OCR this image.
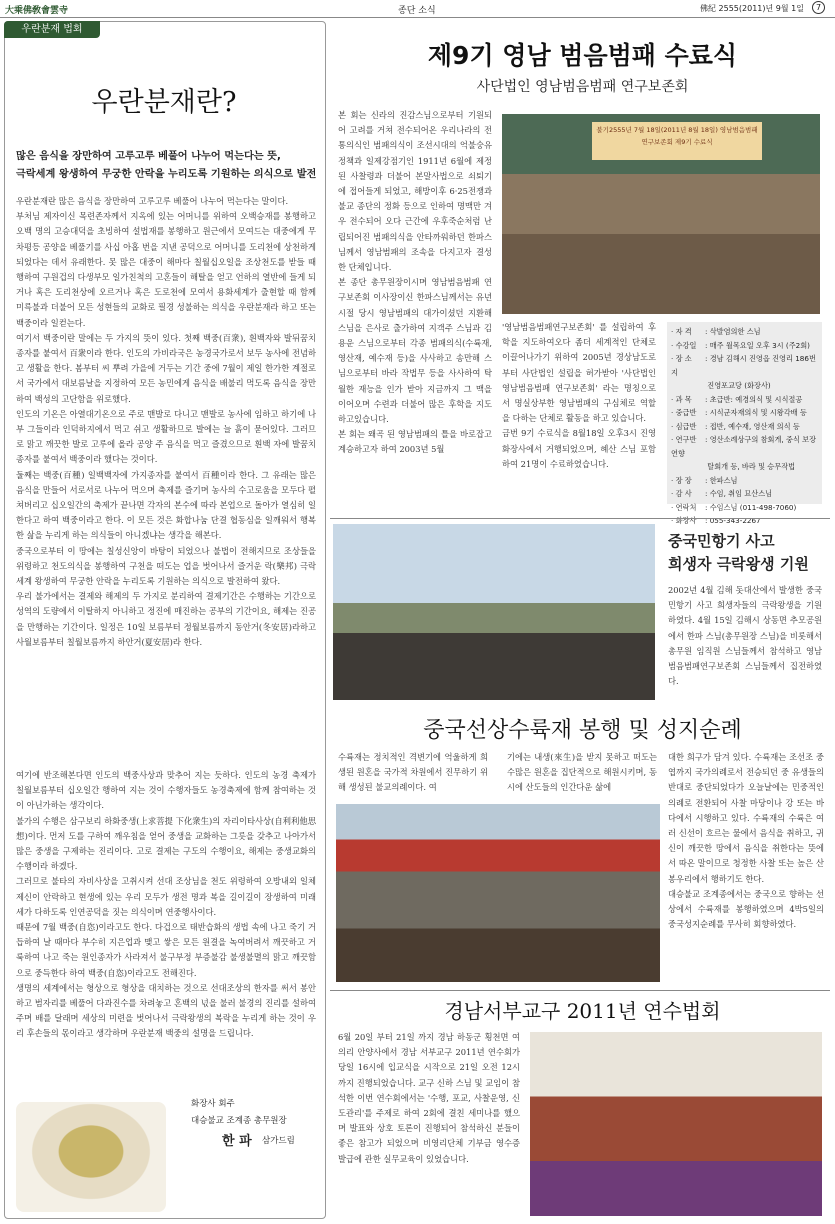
大乘佛敎會雲寺	종단 소식	佛紀 2555(2011)년 9월 1일	7
우란분재 법회
우란분재란?
많은 음식을 장만하여 고루고루 베풀어 나누어 먹는다는 뜻,
극락세계 왕생하여 무궁한 안락을 누리도록 기원하는 의식으로 발전

우란분재란 많은 음식을 장만하여 고루고루 베풀어 나누어 먹는다는 말이다.
부처님 제자이신 목련존자께서 지옥에 있는 어머니를 위하여 오백승재를 봉행하고 오백 명의 고승대덕을 초빙하여 설법재를 봉행하고 원근에서 모여드는 대중에게 무차평등 공양을 베풀기를 사십 아홉 번을 지낸 공덕으로 어머니를 도리천에 상천하게 되었다는 데서 유래한다. 못 많은 대중이 해마다 칠월십오일을 조상천도를 받들 때 행하여 구원겁의 다생부모 일가친척의 고혼들이 해탈을 얻고 언하의 열반에 들게 되거나 혹은 도리천상에 오르거나 혹은 도로천에 모여서 용화세계가 출현할 때 함께 미륵불과 더불어 모든 성현들의 교화로 필경 성불하는 의식을 우란분재라 하고 또는 백중이라 일컫는다.
여기서 백중이란 말에는 두 가지의 뜻이 있다. 첫째 백중(百衆), 흰백자와 발뒤꿈치종자를 붙여서 百衆이라 한다. 인도의 가비라국은 농경국가로서 보두 농사에 전념하고 생활을 한다. 봄부터 씨 뿌려 가을에 거두는 기간 중에 7월이 제일 한가한 계절로서 국가에서 대보름날을 지정하여 모든 농민에게 음식을 배불리 먹도록 음식을 장만하여 백성의 고단함을 위로했다.
인도의 기온은 아열대기온으로 주로 맨발로 다니고 맨발로 농사에 임하고 하기에 나부 그들이라 인덕하지에서 먹고 쉬고 생활하므로 발에는 늘 흙이 묻어있다. 그러므로 맑고 깨끗한 발로 고루에 올라 공양 주 음식을 먹고 즐겼으므로 흰백 자에 발꿈치종자를 붙여서 백중이라 했다는 것이다.
둘째는 백중(百種) 일백백자에 가지종자를 붙여서 百種이라 한다. 그 유래는 많은 음식을 만들어 서로서로 나누어 먹으며 축제를 즐기며 농사의 수고로움을 모두다 펼쳐버리고 십오일간의 축제가 끝나면 각자의 본수에 따라 본업으로 돌아가 열심히 일한다고 하여 백중이라고 한다. 이 모든 것은 화합나눔 단결 협동심을 일깨워서 행복한 삶을 누리게 하는 의식들이 아니겠냐는 생각을 해본다.
중국으로부터 이 땅에는 칠성신앙이 바탕이 되었으나 불법이 전해지므로 조상들을 위령하고 천도의식을 봉행하여 구천을 떠도는 업을 벗어나서 즐거운 락(樂邦) 극락세계 왕생하여 무궁한 안락을 누리도록 기원하는 의식으로 발전하여 왔다.
우리 불가에서는 결제와 해제의 두 가지로 분리하여 결제기간은 수행하는 기간으로 성역의 도량에서 이탈하지 아니하고 정진에 매진하는 공부의 기간이요, 해제는 진공을 만행하는 기간이다. 일정은 10일 보름부터 정월보름까지 동안거(冬安居)라하고 사월보름부터 칠월보름까지 하안거(夏安居)라 한다.

여기에 반조해본다면 인도의 백중사상과 맞추어 지는 듯하다. 인도의 농경 축제가 칠월보름부터 십오일간 행하여 지는 것이 수행자들도 농경축제에 함께 참여하는 것이 아닌가하는 생각이다.
불가의 수행은 삼구보리 하화중생(上求菩提 下化衆生)의 자리이타사상(自利利他思想)이다. 먼저 도를 구하여 깨우침을 얻어 중생을 교화하는 그릇을 갖추고 나아가서 많은 중생을 구제하는 진리이다. 고로 결제는 구도의 수행이요, 해제는 중생교화의 수행이라 하겠다.
그러므로 불타의 자비사상을 고취시켜 선대 조상님을 천도 위령하여 오방내외 일체제신이 안락하고 현생에 있는 우리 모두가 생전 명과 복을 길이길이 장생하여 미래세가 다하도록 인연공덕을 짓는 의식이며 연중행사이다.
때문에 7월 백중(自恣)이라고도 한다. 다겁으로 태반습화의 생법 속에 나고 죽기 거듭하여 날 때마다 부수히 지은업과 맺고 쌓은 모든 원결을 녹여버려서 깨끗하고 거룩하여 나고 죽는 원인종자가 사라져서 불구부정 부증불감 불생불멸의 맑고 깨끗함으로 중득한다 하여 백중(自恣)이라고도 전해진다.
생명의 세계에서는 형상으로 형상을 대치하는 것으로 선대조상의 한자를 써서 봉안하고 범자리를 베풀어 다과진수를 차려놓고 혼백의 넋을 불러 불경의 진리를 설하여 주며 배를 달래며 세상의 미련을 벗어나서 극락왕생의 복락을 누리게 하는 것이 우리 후손들의 몫이라고 생각하며 우란분재 백중의 설명을 드립니다.

화장사 회주
대승불교 조계종 총무원장
한 파 삼가드림
제9기 영남 범음범패 수료식
사단법인 영남범음범패 연구보존회

본 회는 신라의 진감스님으로부터 기원되어 고려를 거쳐 전수되어온 우리나라의 전통의식인 범패의식이 조선시대의 억불숭유 정책과 일제강점기인 1911년 6월에 제정된 사찰령과 더불어 본말사법으로 쇠퇴기에 접어들게 되었고, 해방이후 6·25전쟁과 불교 종단의 정화 등으로 인하여 명맥만 겨우 전수되어 오다 근간에 우후죽순처럼 난립되어진 범패의식을 안타까워하던 한파스님께서 영남범패의 조속을 다지고자 결성한 단체입니다.
본 종단 총무원장이시며 영남범음범패 연구보존회 이사장이신 한파스님께서는 유년시절 당시 영남범패의 대가이셨던 지환해 스님을 은사로 출가하여 지객주 스님과 김용운 스님으로부터 각종 범패의식(수륙재, 영산재, 예수재 등)을 사사하고 송만해 스님으로부터 바라 작법무 등을 사사하여 탁월한 재능을 인가 받아 지금까지 그 맥을 이어오며 수련과 더불어 많은 후학을 지도하고있습니다.
본 회는 왜곡 된 영남범패의 틀을 바로잡고 계승하고자 하여 2003년 5월

불기2555년 7월 18일(2011년 8월 18일) 영남범음범패 연구보존회 제9기 수료식

'영남범음범패연구보존회' 를 설립하여 후학을 지도하여오다 좀더 세계적인 단체로 이끌어나가기 위하여 2005년 경상남도로부터 사단법인 설립을 허가받아 '사단법인 영남범음범패 연구보존회' 라는 명칭으로서 명실상부한 영남범패의 구심체로 역할을 다하는 단체로 활동을 하고 있습니다.
금번 9기 수료식을 8월18일 오후3시 진영 화장사에서 거행되었으며, 혜산 스님 포함하여 21명이 수료하였습니다.

· 자 격 : 삭발염의한 스님
· 수강일 : 매주 월목요일 오후 3시 (주2회)
· 장 소 : 경남 김해시 진영읍 진영리 186번지
진영포교당 (화장사)
· 과 목 : 초급반: 예경의식 및 시식절공
· 중급반 : 시식군자재의식 및 시왕각배 등
· 심급반 : 접반, 예수재, 영산재 의식 등
· 연구반 : 영산소례상구의 참회게, 중식 보장연향
탈회개 등, 바라 및 승무작법
· 장 장 : 한파스님
· 감 사 : 수임, 취임 묘산스님
· 연락처 : 수임스님 (011-498-7060)
· 화장사 : 055-343-2267
중국민항기 사고
희생자 극락왕생 기원

2002년 4월 김해 돗대산에서 발생한 중국민항기 사고 희생자들의 극락왕생을 기원하였다. 4월 15일 김해시 상동면 추모공원에서 한파 스님(총무원장 스님)을 비롯해서 총무원 임직원 스님들께서 참석하고 영남범음범패연구보존회 스님들께서 집전하였다.

중국선상수륙재 봉행 및 성지순례

수륙재는 정치적인 격변기에 억울하게 희생된 원혼을 국가적 차원에서 진무하기 위해 생성된 불교의례이다. 여

기에는 내생(來生)을 받지 못하고 떠도는 수많은 원혼을 집단적으로 해원시키며, 동시에 산도들의 인간다운 삶에

대한 희구가 담겨 있다. 수륙재는 조선조 중엽까지 국가의례로서 전승되던 중 유생들의 반대로 중단되었다가 오늘날에는 민중적인 의례로 전환되어 사찰 마당이나 강 또는 바다에서 시행하고 있다. 수륙재의 수륙은 여러 신선이 흐르는 물에서 음식을 취하고, 귀신이 깨끗한 땅에서 음식을 취한다는 뜻에서 따온 말이므로 청정한 사찰 또는 높은 산봉우리에서 행하기도 한다.
대승불교 조계종에서는 중국으로 향하는 선상에서 수륙재를 봉행하였으며 4박5일의 중국성지순례를 무사히 회향하였다.

경남서부교구 2011년 연수법회

6월 20일 부터 21일 까지 경남 하동군 횡천면 여의리 안양사에서 경남 서부교구 2011년 연수회가 당일 16시에 입교식을 시작으로 21일 오전 12시까지 진행되었습니다. 교구 신하 스님 및 교임이 참석한 이번 연수회에서는 '수행, 포교, 사찰운영, 신도관리'를 주제로 하여 2회에 결친 세미나를 했으며 발표와 상호 토론이 진행되어 참석하신 분들이 좋은 참고가 되었으며 비영리단체 기부금 영수증 발급에 관한 실무교육이 있었습니다.
